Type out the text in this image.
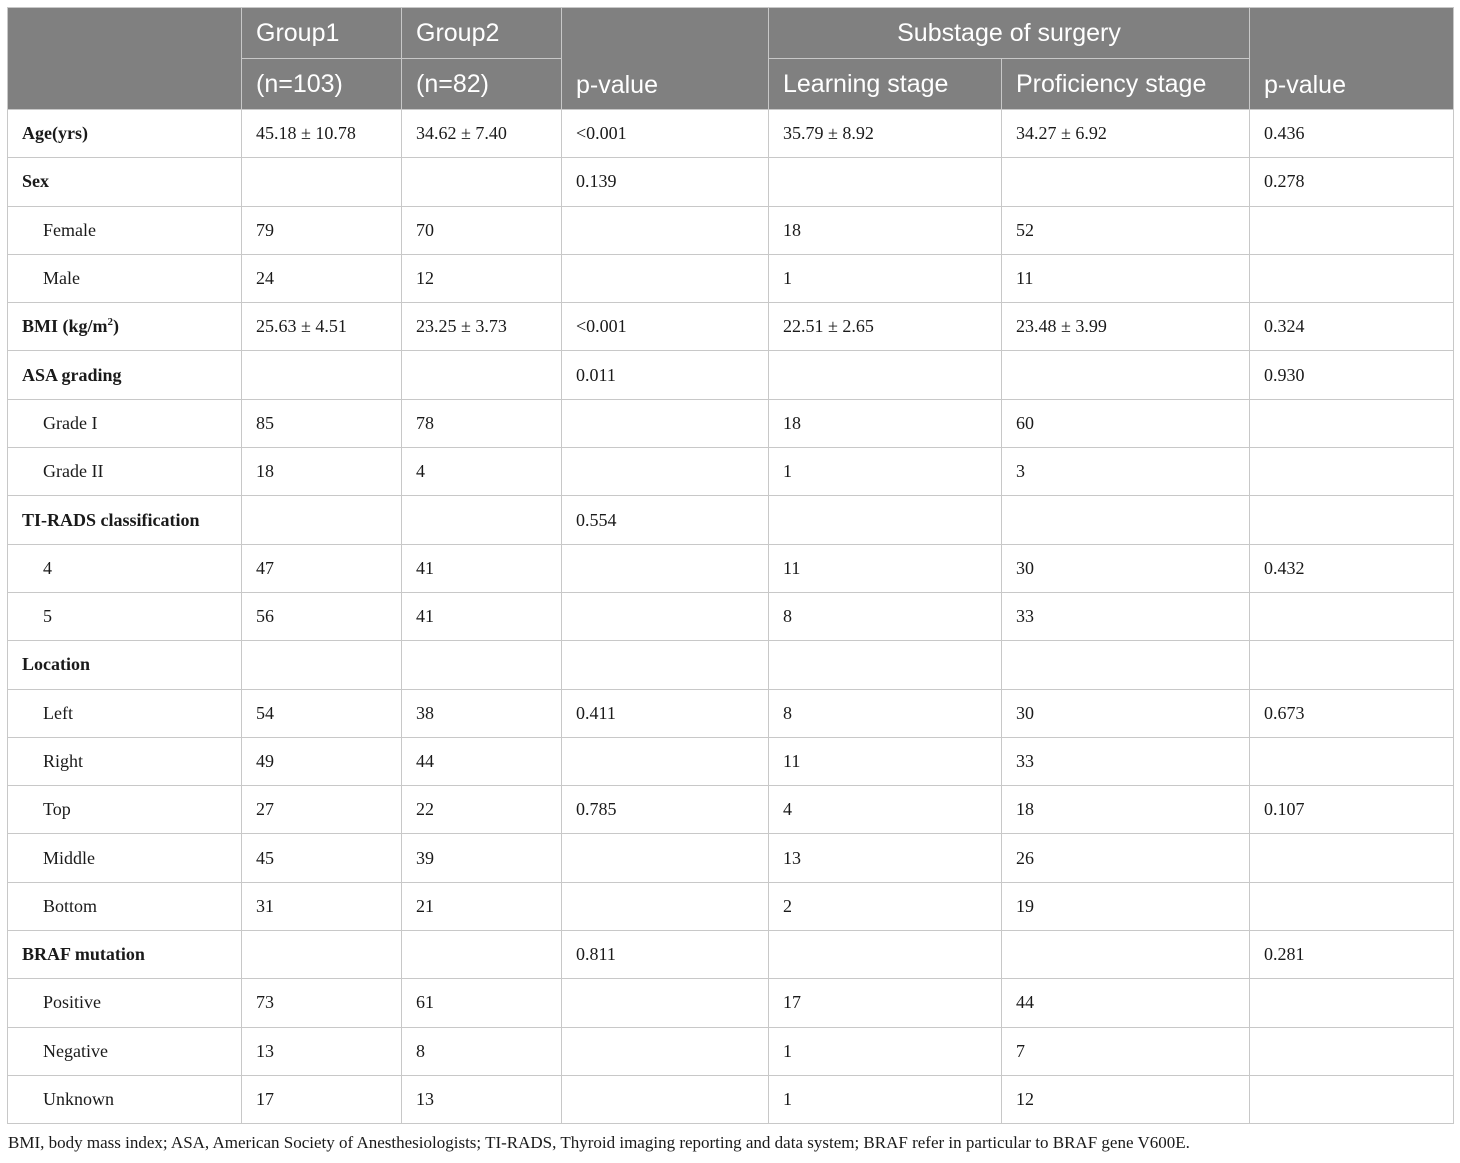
	Group1	Group2	p-value	Substage of surgery		p-value
	(n=103)	(n=82)		Learning stage	Proficiency stage	
Age(yrs)	45.18 ± 10.78	34.62 ± 7.40	<0.001	35.79 ± 8.92	34.27 ± 6.92	0.436
Sex			0.139			0.278
Female	79	70		18	52	
Male	24	12		1	11	
BMI $(kg/m^2)$	25.63 ± 4.51	23.25 ± 3.73	<0.001	22.51 ± 2.65	23.48 ± 3.99	0.324
ASA grading			0.011			0.930
Grade I	85	78		18	60	
Grade II	18	4		1	3	
TI-RADS classification			0.554			
4	47	41		11	30	0.432
5	56	41		8	33	
Location						
Left	54	38	0.411	8	30	0.673
Right	49	44		11	33	
Top	27	22	0.785	4	18	0.107
Middle	45	39		13	26	
Bottom	31	21		2	19	
BRAF mutation			0.811			0.281
Positive	73	61		17	44	
Negative	13	8		1	7	
Unknown	17	13		1	12	
BMI, body mass index; ASA, American Society of Anesthesiologists; TI-RADS, Thyroid imaging reporting and data system; BRAF refer in particular to BRAF gene V600E.
